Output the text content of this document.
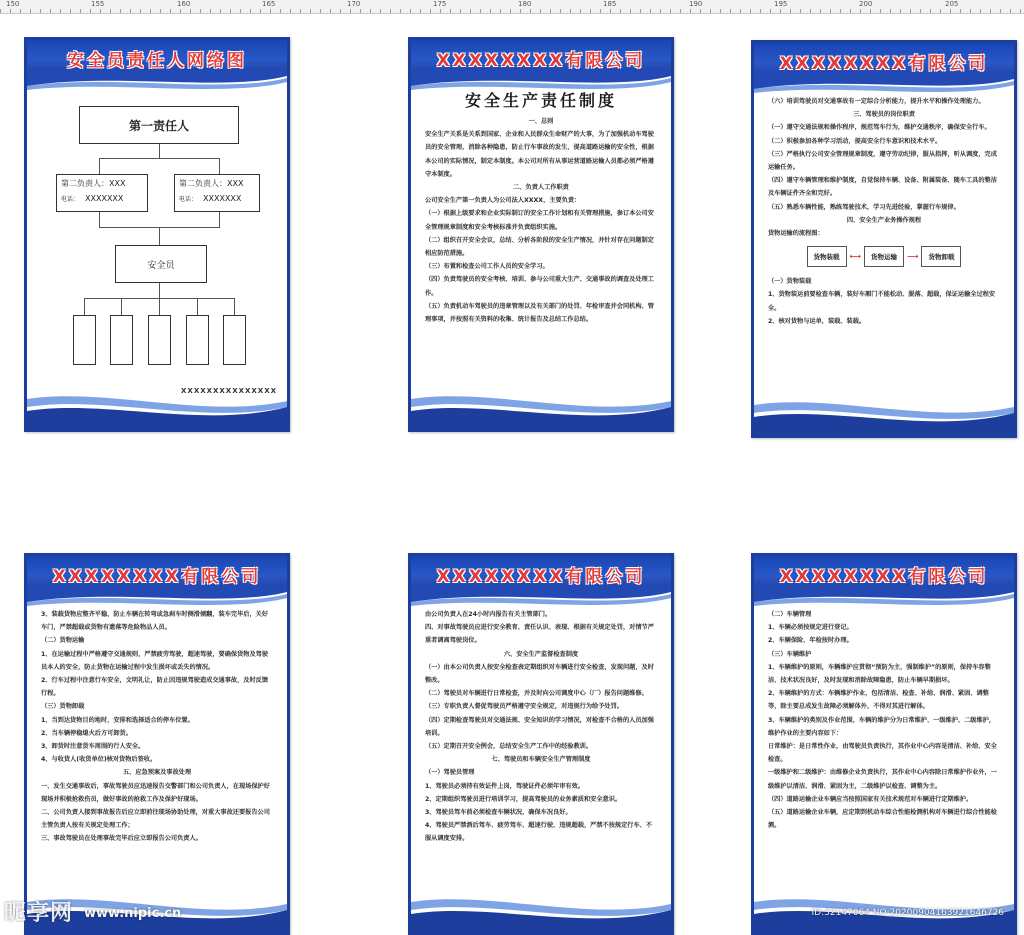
150	155	160	165	170	175	180	185	190	195	200	205
安全员责任人网络图
第一责任人
第二负责人：XXX
电话： XXXXXXX
第二负责人：XXX
电话： XXXXXXX
安全员
XXXXXXXXXXXXXXX
XXXXXXXX有限公司
安全生产责任制度

一、总则

安全生产关系是关系到国家、企业和人民群众生命财产的大事，为了加强机动车驾驶员的安全管理，消除各种隐患，防止行车事故的发生，提高道路运输的安全性，根据本公司的实际情况，制定本制度。本公司对所有从事运营道路运输人员都必须严格遵守本制度。

二、负责人工作职责

公司安全生产第一负责人为公司法人XXXX，主要负责：

（一）根据上级要求和企业实际制订的安全工作计划和有关管理措施，参订本公司安全管理规章制度和安全考核标准并负责组织实施。

（二）组织召开安全会议，总结、分析各阶段的安全生产情况，并针对存在问题制定相应防范措施。

（三）布置和检查公司工作人员的安全学习。

（四）负责驾驶员的安全考核、培训、参与公司重大生产、交通事故的调查及处理工作。

（五）负责机动车驾驶员的违章管理以及有关部门的处罚、年检审查并会同机构、管理事项，并按照有关资料的收集、统计报告及总结工作总结。

XXXXXXXX有限公司

（六）培训驾驶员对交通事故有一定综合分析能力，提升水平和操作处理能力。

三、驾驶员的岗位职责

（一）遵守交通法规和操作程序，规范驾车行为，维护交通秩序，确保安全行车。

（二）积极参加各种学习活动，提高安全行车意识和技术水平。

（三）严格执行公司安全管理规章制度，遵守劳动纪律，服从指挥，听从调度，完成运输任务。

（四）遵守车辆管理和维护制度，自觉保持车辆、设备、附属装备、随车工具的整洁及车辆证件齐全和完好。

（五）熟悉车辆性能，熟练驾驶技术，学习先进经验，掌握行车规律。

四、安全生产业务操作规程

货物运输的流程图：

货物装载	⟷	货物运输	⟶	货物卸载

（一）货物装载

1、货物装运前要检查车辆，装好车厢门不能松动、脱落、超载，保证运输全过程安全。

2、核对货物与运单，装载、装载。

XXXXXXXX有限公司

3、装载货物应整齐平稳，防止车辆在转弯或急刹车时侧滑倾翻，装车完毕后，关好车门，严禁超载或货物有遗落等危险物品人员。

（二）货物运输

1、在运输过程中严格遵守交通规则，严禁疲劳驾驶，超速驾驶，要确保货物及驾驶员本人的安全，防止货物在运输过程中发生损坏或丢失的情况。

2、行车过程中注意行车安全，文明礼让，防止因违规驾驶造成交通事故，及时反馈行程。

（三）货物卸载

1、当到达货物目的地时，安排和选择适合的停车位置。

2、当车辆停稳熄火后方可卸货。

3、卸货时注意货车周围的行人安全。

4、与收货人(收货单位)核对货物后签收。

五、应急预案及事故处理

一、发生交通事故后，事故驾驶员应迅速报告交警部门和公司负责人，在现场保护好现场并积极抢救伤员，做好事故的抢救工作及保护好现场。

二、公司负责人接到事故报告后应立即前往现场协助处理，对重大事故还要报告公司主管负责人按有关规定处理工作；

三、事故驾驶员在处理事故完毕后应立即报告公司负责人。

XXXXXXXX有限公司

由公司负责人在24小时内报告有关主管部门。

四、对事故驾驶员应进行安全教育、责任认识、表现、根据有关规定处罚，对情节严重者调离驾驶岗位。

六、安全生产监督检查制度

（一）由本公司负责人按安全检查表定期组织对车辆进行安全检查，发现问题，及时整改。

（二）驾驶员对车辆进行日常检查，并及时向公司调度中心（厂）报告问题维修。

（三）专职负责人督促驾驶员严格遵守安全规定，对违规行为给予处罚。

（四）定期检查驾驶员对交通法规、安全知识的学习情况，对检查不合格的人员加强培训。

（五）定期召开安全例会，总结安全生产工作中的经验教训。

七、驾驶员和车辆安全生产管理制度

（一）驾驶员管理

1、驾驶员必须持有效证件上岗，驾驶证件必须年审有效。

2、定期组织驾驶员进行培训学习，提高驾驶员的业务素质和安全意识。

3、驾驶员驾车前必须检查车辆状况，确保车况良好。

4、驾驶员严禁酒后驾车、疲劳驾车、超速行驶、违规超载，严禁不按规定行车、不服从调度安排。

XXXXXXXX有限公司

（二）车辆管理

1、车辆必须按规定进行登记。

2、车辆保险、年检按时办理。

（三）车辆维护

1、车辆维护的原则，车辆维护应贯彻“预防为主，强制维护”的原则，保持车容整洁、技术状况良好，及时发现和消除故障隐患，防止车辆早期损坏。

2、车辆维护的方式：车辆维护作业，包括清洁、检查、补给、润滑、紧固、调整等，除主要总成发生故障必须解体外，不得对其进行解体。

3、车辆维护的类别及作业范围，车辆的维护分为日常维护、一级维护、二级维护，维护作业的主要内容如下：

日常维护：是日常性作业，由驾驶员负责执行，其作业中心内容是清洁、补给、安全检查。

一级维护和二级维护：由维修企业负责执行，其作业中心内容除日常维护作业外，一级维护以清洁、润滑、紧固为主，二级维护以检查、调整为主。

（四）道路运输企业车辆应当按照国家有关技术规范对车辆进行定期维护。

（五）道路运输企业车辆，应定期到机动车综合性能检测机构对车辆进行综合性能检测。

昵享网 www.nipic.cn	ID:32147064 NO:20200904163921646726
